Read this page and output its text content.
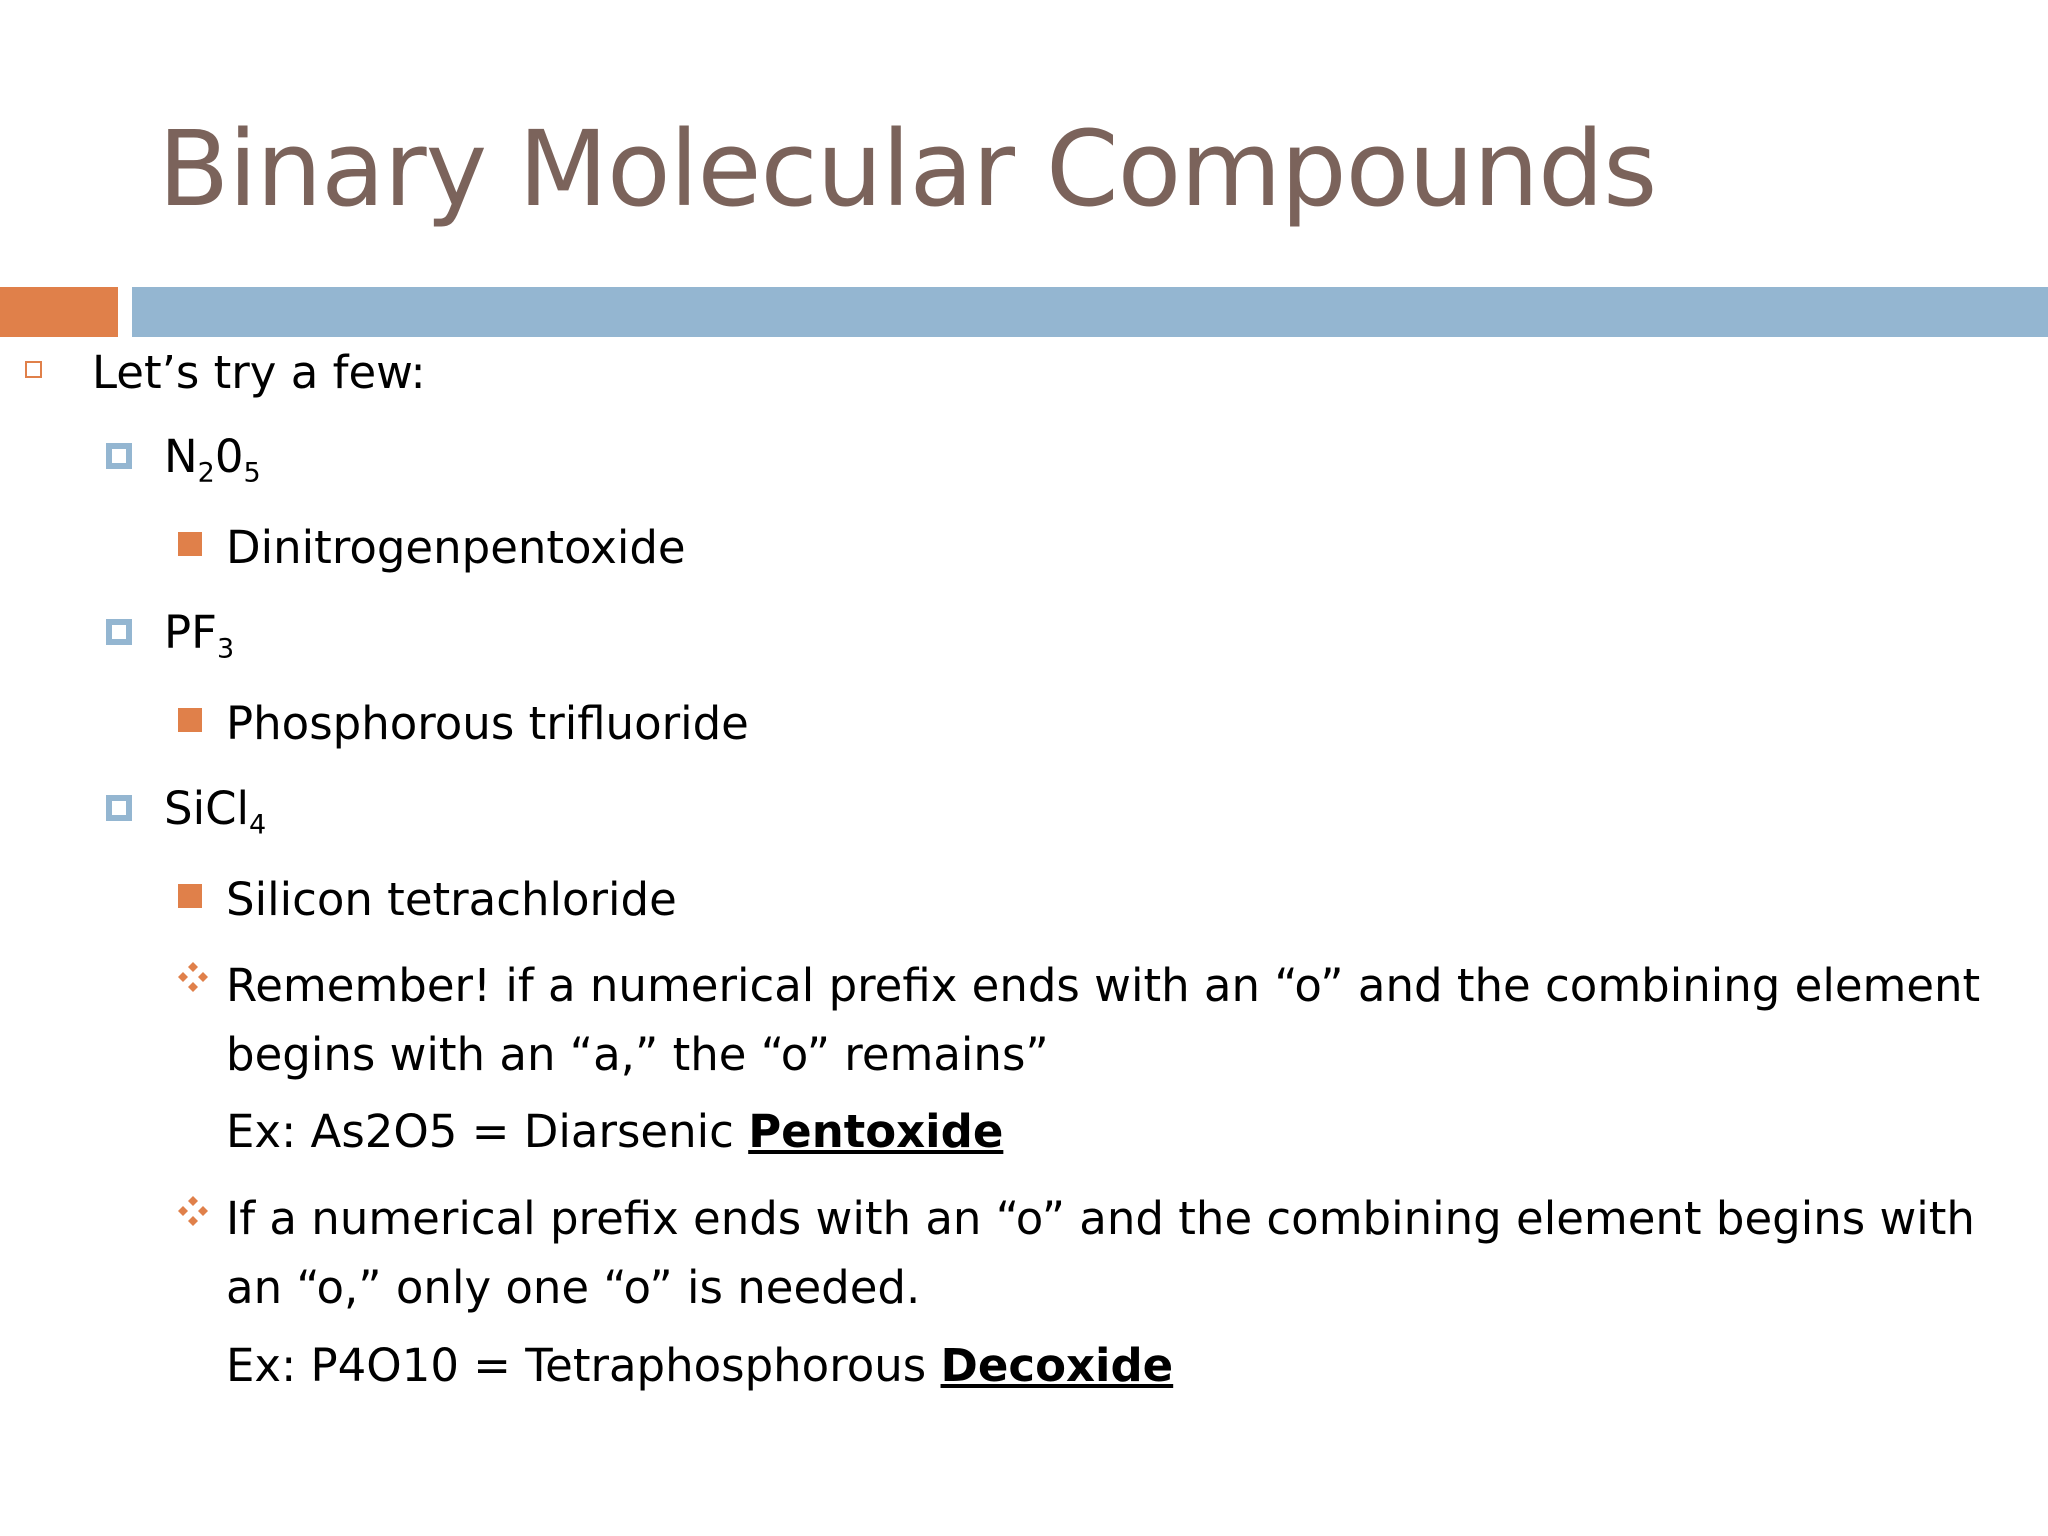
Binary Molecular Compounds
Let’s try a few:
$N_20_5$
Dinitrogenpentoxide
$PF_3$
Phosphorous trifluoride
SiCl$_4$
Silicon tetrachloride
Remember! if a numerical prefix ends with an “o” and the combining element begins with an “a,” the “o” remains”
Ex: As2O5 = Diarsenic Pentoxide
If a numerical prefix ends with an “o” and the combining element begins with an “o,” only one “o” is needed.
Ex: P4O10 = Tetraphosphorous Decoxide
